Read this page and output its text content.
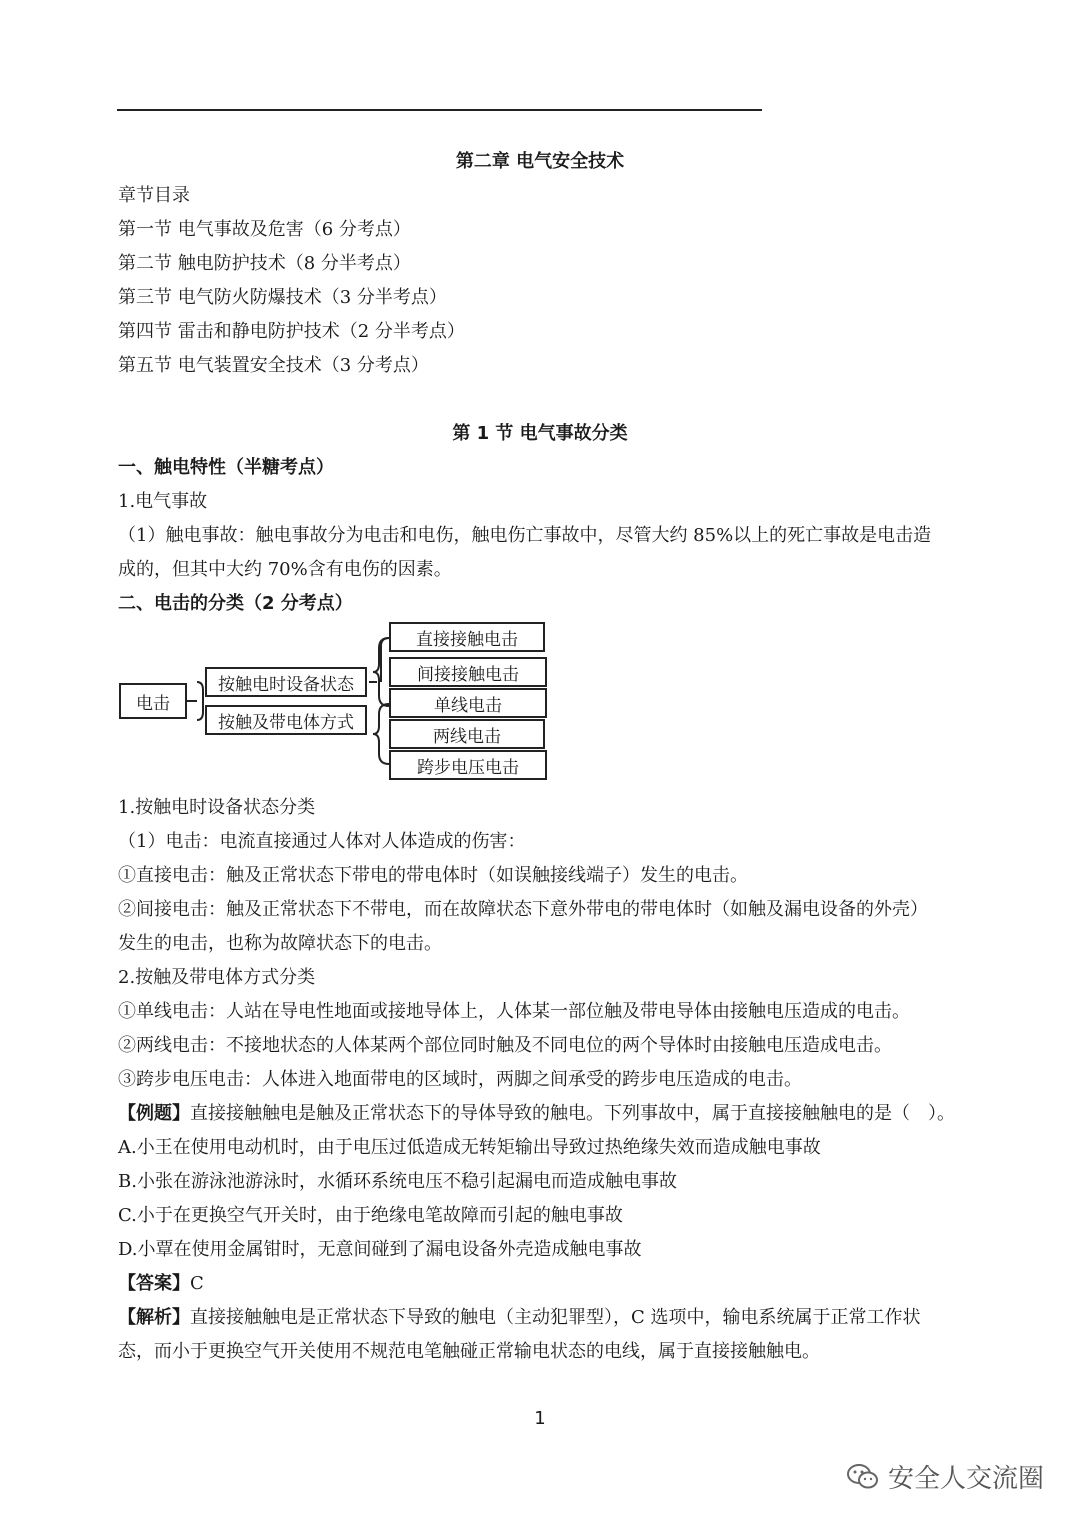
第二章 电气安全技术
章节目录
第一节 电气事故及危害（6 分考点）
第二节 触电防护技术（8 分半考点）
第三节 电气防火防爆技术（3 分半考点）
第四节 雷击和静电防护技术（2 分半考点）
第五节 电气装置安全技术（3 分考点）
第 1 节 电气事故分类
一、触电特性（半糖考点）
1.电气事故
（1）触电事故：触电事故分为电击和电伤，触电伤亡事故中，尽管大约 85%以上的死亡事故是电击造
成的，但其中大约 70%含有电伤的因素。
二、电击的分类（2 分考点）
电击
按触电时设备状态
按触及带电体方式
直接接触电击
间接接触电击
单线电击
两线电击
跨步电压电击
1.按触电时设备状态分类
（1）电击：电流直接通过人体对人体造成的伤害：
①直接电击：触及正常状态下带电的带电体时（如误触接线端子）发生的电击。
②间接电击：触及正常状态下不带电，而在故障状态下意外带电的带电体时（如触及漏电设备的外壳）
发生的电击，也称为故障状态下的电击。
2.按触及带电体方式分类
①单线电击：人站在导电性地面或接地导体上，人体某一部位触及带电导体由接触电压造成的电击。
②两线电击：不接地状态的人体某两个部位同时触及不同电位的两个导体时由接触电压造成电击。
③跨步电压电击：人体进入地面带电的区域时，两脚之间承受的跨步电压造成的电击。
【例题】直接接触触电是触及正常状态下的导体导致的触电。下列事故中，属于直接接触触电的是（　）。
A.小王在使用电动机时，由于电压过低造成无转矩输出导致过热绝缘失效而造成触电事故
B.小张在游泳池游泳时，水循环系统电压不稳引起漏电而造成触电事故
C.小于在更换空气开关时，由于绝缘电笔故障而引起的触电事故
D.小覃在使用金属钳时，无意间碰到了漏电设备外壳造成触电事故
【答案】C
【解析】直接接触触电是正常状态下导致的触电（主动犯罪型），C 选项中，输电系统属于正常工作状
态，而小于更换空气开关使用不规范电笔触碰正常输电状态的电线，属于直接接触触电。
1
安全人交流圈
